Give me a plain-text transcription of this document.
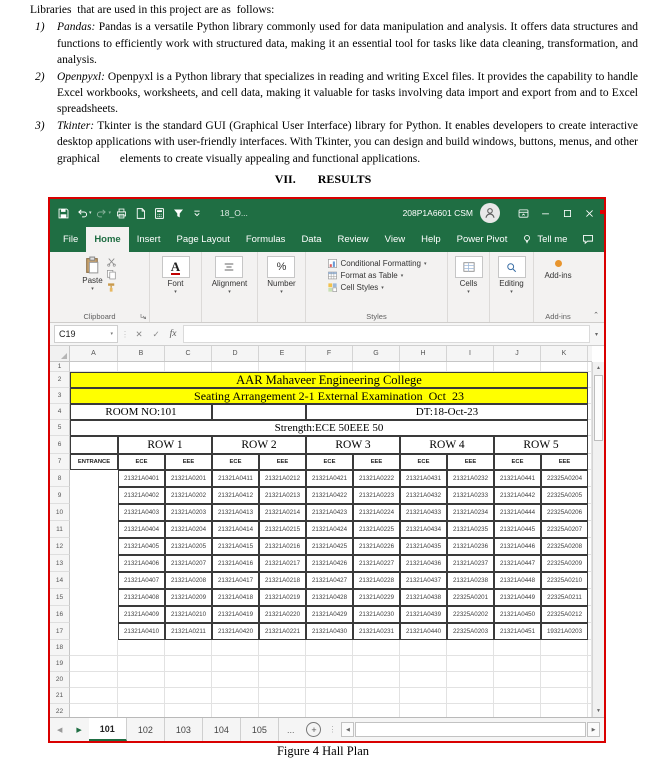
Libraries  that are used in this project are as  follows:

1) Pandas: Pandas is a versatile Python library commonly used for data manipulation and analysis. It offers data structures and functions to efficiently work with structured data, making it an essential tool for tasks like data cleaning, transformation, and analysis.
2) Openpyxl: Openpyxl is a Python library that specializes in reading and writing Excel files. It provides the capability to handle Excel workbooks, worksheets, and cell data, making it valuable for tasks involving data import and export from and to Excel spreadsheets.
3) Tkinter: Tkinter is the standard GUI (Graphical User Interface) library for Python. It enables developers to create interactive desktop applications with user-friendly interfaces. With Tkinter, you can design and build windows, buttons, menus, and other graphical       elements to create visually appealing and functional applications.
VII. RESULTS
▾	▾	18_O...	208P1A6601 CSM
File	Home	Insert	Page Layout	Formulas	Data	Review	View	Help	Power Pivot	Tell me
Paste
▾
Clipboard
A
Font
▾
Alignment
▾
%
Number
▾
Conditional Formatting ▾
Format as Table ▾
Cell Styles ▾
Styles
Cells
▾
Editing
▾
Add-ins
Add-ins	⌃
C19	▾ ⋮ ✕	✓	fx	▾
A	B	C	D	E	F	G	H	I	J	K
1
2	AAR Mahaveer Engineering College
3	Seating Arrangement 2-1 External Examination  Oct  23
4	ROOM NO:101	DT:18-Oct-23
5	Strength:ECE 50EEE 50
6	ROW 1	ROW 2	ROW 3	ROW 4	ROW 5
7	ENTRANCE	ECE	EEE	ECE	EEE	ECE	EEE	ECE	EEE	ECE	EEE
8	21321A0401	21321A0201	21321A0411	21321A0212	21321A0421	21321A0222	21321A0431	21321A0232	21321A0441	22325A0204
9	21321A0402	21321A0202	21321A0412	21321A0213	21321A0422	21321A0223	21321A0432	21321A0233	21321A0442	22325A0205
10	21321A0403	21321A0203	21321A0413	21321A0214	21321A0423	21321A0224	21321A0433	21321A0234	21321A0444	22325A0206
11	21321A0404	21321A0204	21321A0414	21321A0215	21321A0424	21321A0225	21321A0434	21321A0235	21321A0445	22325A0207
12	21321A0405	21321A0205	21321A0415	21321A0216	21321A0425	21321A0226	21321A0435	21321A0236	21321A0446	22325A0208
13	21321A0406	21321A0207	21321A0416	21321A0217	21321A0426	21321A0227	21321A0436	21321A0237	21321A0447	22325A0209
14	21321A0407	21321A0208	21321A0417	21321A0218	21321A0427	21321A0228	21321A0437	21321A0238	21321A0448	22325A0210
15	21321A0408	21321A0209	21321A0418	21321A0219	21321A0428	21321A0229	21321A0438	22325A0201	21321A0449	22325A0211
16	21321A0409	21321A0210	21321A0419	21321A0220	21321A0429	21321A0230	21321A0439	22325A0202	21321A0450	22325A0212
17	21321A0410	21321A0211	21321A0420	21321A0221	21321A0430	21321A0231	21321A0440	22325A0203	21321A0451	19321A0203
18
19
20
21
22
▲
▼
◀	▶	101	102	103	104	105	...	+	⋮	◀	▶
Figure 4 Hall Plan
